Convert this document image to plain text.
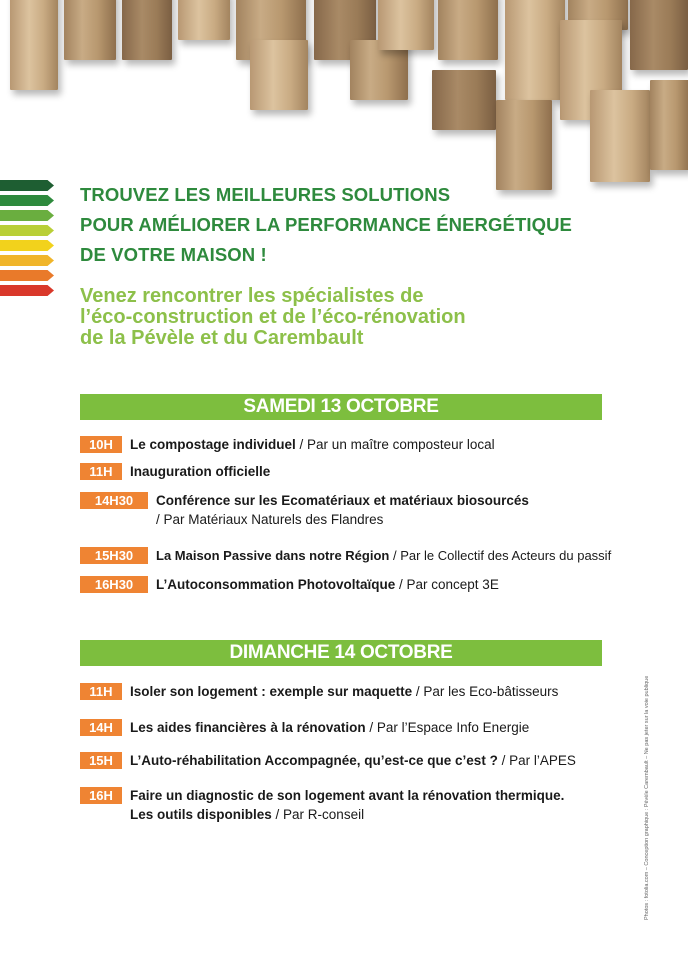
TROUVEZ LES MEILLEURES SOLUTIONS
POUR AMÉLIORER LA PERFORMANCE ÉNERGÉTIQUE
DE VOTRE MAISON !
Venez rencontrer les spécialistes de
l’éco-construction et de l’éco-rénovation
de la Pévèle et du Carembault
SAMEDI 13 OCTOBRE
10H	Le compostage individuel / Par un maître composteur local
11H	Inauguration officielle
14H30	Conférence sur les Ecomatériaux et matériaux biosourcés
/ Par Matériaux Naturels des Flandres
15H30	La Maison Passive dans notre Région / Par le Collectif des Acteurs du passif
16H30	L’Autoconsommation Photovoltaïque / Par concept 3E
DIMANCHE 14 OCTOBRE
11H	Isoler son logement : exemple sur maquette / Par les Eco-bâtisseurs
14H	Les aides financières à la rénovation / Par l’Espace Info Energie
15H	L’Auto-réhabilitation Accompagnée, qu’est-ce que c’est ? / Par l’APES
16H	Faire un diagnostic de son logement avant la rénovation thermique.
Les outils disponibles / Par R-conseil	Photos : fotolia.com – Conception graphique : Pévèle Carembault – Ne pas jeter sur la voie publique
